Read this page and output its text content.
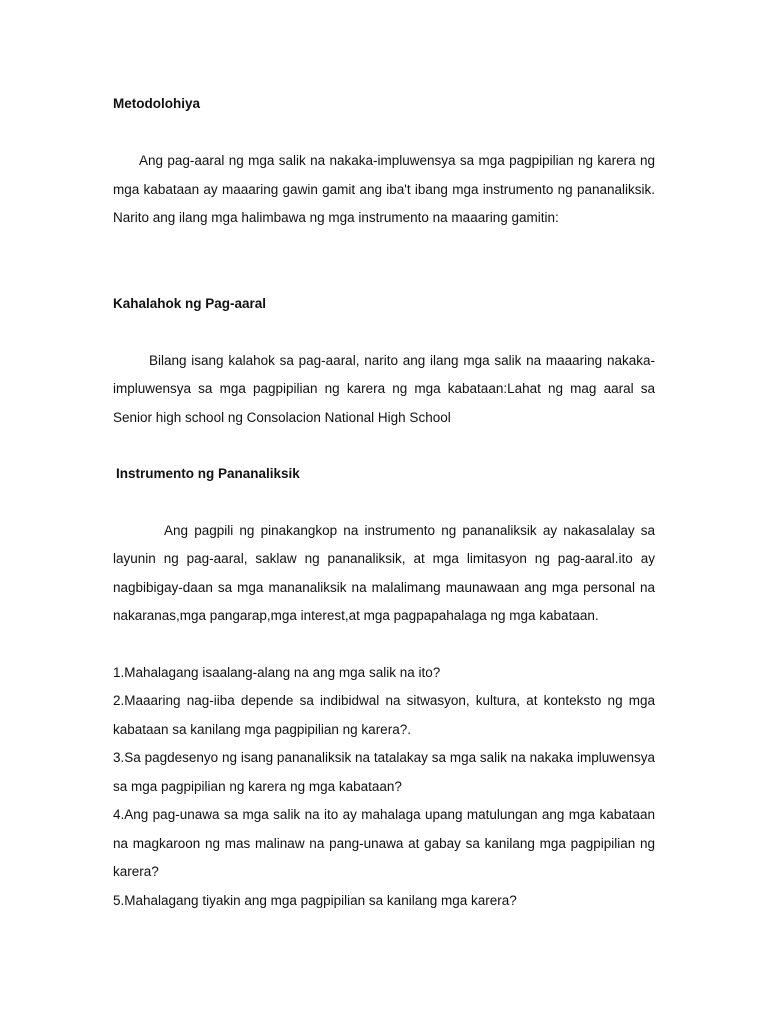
Metodolohiya

Ang pag-aaral ng mga salik na nakaka-impluwensya sa mga pagpipilian ng karera ng mga kabataan ay maaaring gawin gamit ang iba't ibang mga instrumento ng pananaliksik. Narito ang ilang mga halimbawa ng mga instrumento na maaaring gamitin:

Kahalahok ng Pag-aaral

Bilang isang kalahok sa pag-aaral, narito ang ilang mga salik na maaaring nakaka-impluwensya sa mga pagpipilian ng karera ng mga kabataan:Lahat ng mag aaral sa Senior high school ng Consolacion National High School

Instrumento ng Pananaliksik

Ang pagpili ng pinakangkop na instrumento ng pananaliksik ay nakasalalay sa layunin ng pag-aaral, saklaw ng pananaliksik, at mga limitasyon ng pag-aaral.ito ay nagbibigay-daan sa mga mananaliksik na malalimang maunawaan ang mga personal na nakaranas,mga pangarap,mga interest,at mga pagpapahalaga ng mga kabataan.

1.Mahalagang isaalang-alang na ang mga salik na ito?

2.Maaaring nag-iiba depende sa indibidwal na sitwasyon, kultura, at konteksto ng mga kabataan sa kanilang mga pagpipilian ng karera?.

3.Sa pagdesenyo ng isang pananaliksik na tatalakay sa mga salik na nakaka impluwensya sa mga pagpipilian ng karera ng mga kabataan?

4.Ang pag-unawa sa mga salik na ito ay mahalaga upang matulungan ang mga kabataan na magkaroon ng mas malinaw na pang-unawa at gabay sa kanilang mga pagpipilian ng karera?

5.Mahalagang tiyakin ang mga pagpipilian sa kanilang mga karera?
